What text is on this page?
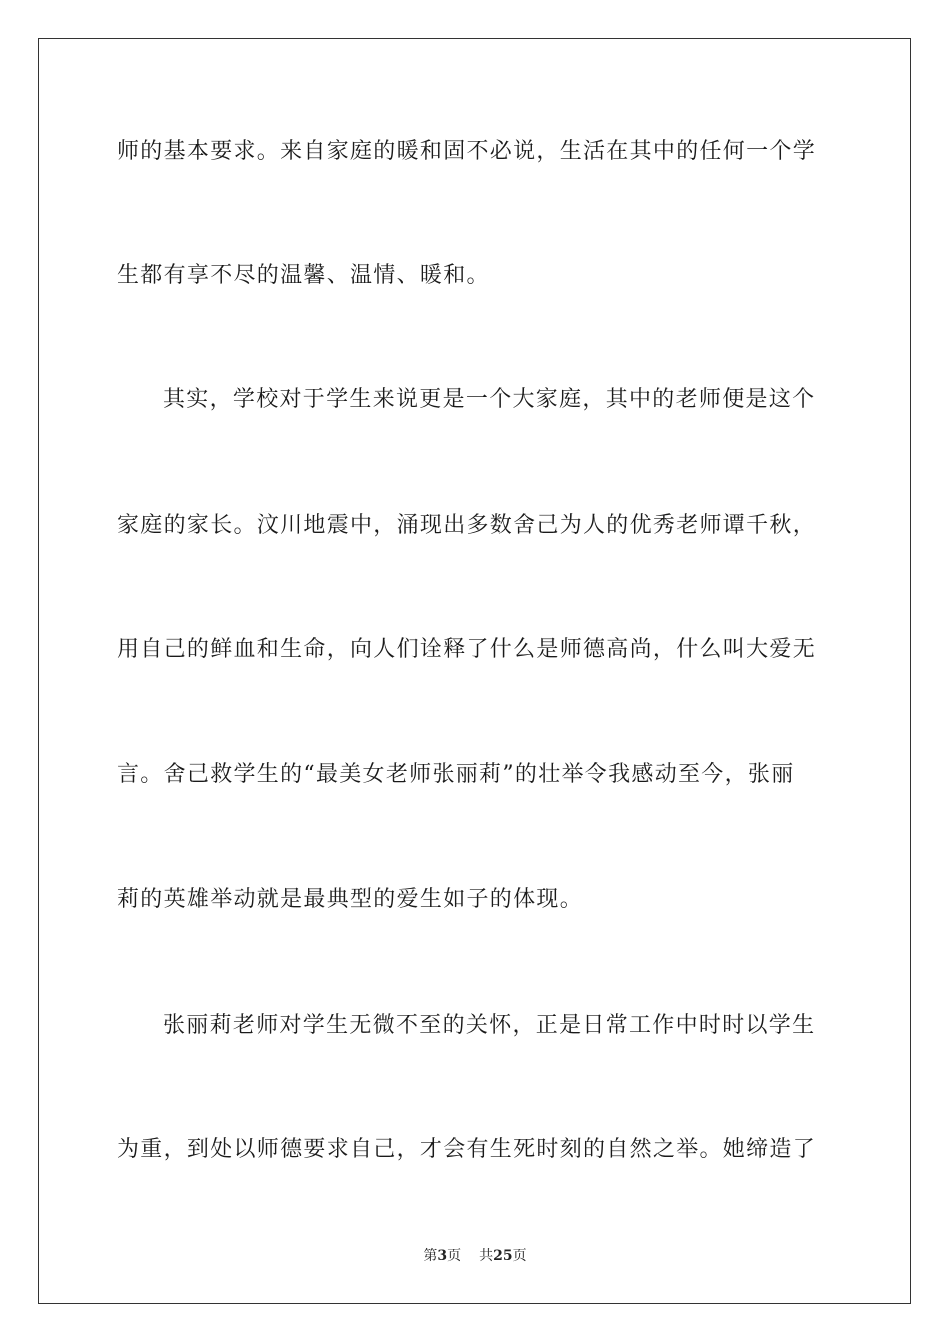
师的基本要求。来自家庭的暖和固不必说，生活在其中的任何一个学
生都有享不尽的温馨、温情、暖和。
其实，学校对于学生来说更是一个大家庭，其中的老师便是这个
家庭的家长。汶川地震中，涌现出多数舍己为人的优秀老师谭千秋，
用自己的鲜血和生命，向人们诠释了什么是师德高尚，什么叫大爱无
言。舍己救学生的“最美女老师张丽莉”的壮举令我感动至今，张丽
莉的英雄举动就是最典型的爱生如子的体现。
张丽莉老师对学生无微不至的关怀，正是日常工作中时时以学生
为重，到处以师德要求自己，才会有生死时刻的自然之举。她缔造了
第3页 共25页
